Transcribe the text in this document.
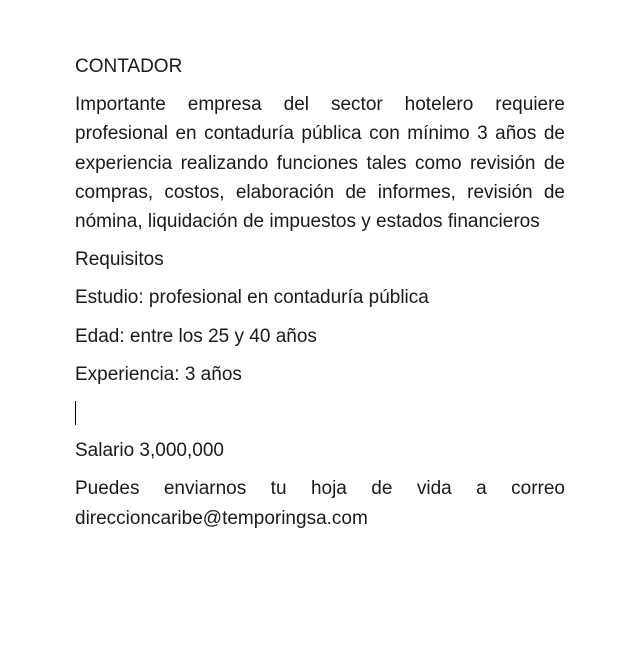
CONTADOR

Importante empresa del sector hotelero requiere profesional en contaduría pública con mínimo 3 años de experiencia realizando funciones tales como revisión de compras, costos, elaboración de informes, revisión de nómina, liquidación de impuestos y estados financieros

Requisitos

Estudio: profesional en contaduría pública

Edad: entre los 25 y 40 años

Experiencia: 3 años

Salario 3,000,000

Puedes enviarnos tu hoja de vida a correo direccioncaribe@temporingsa.com
